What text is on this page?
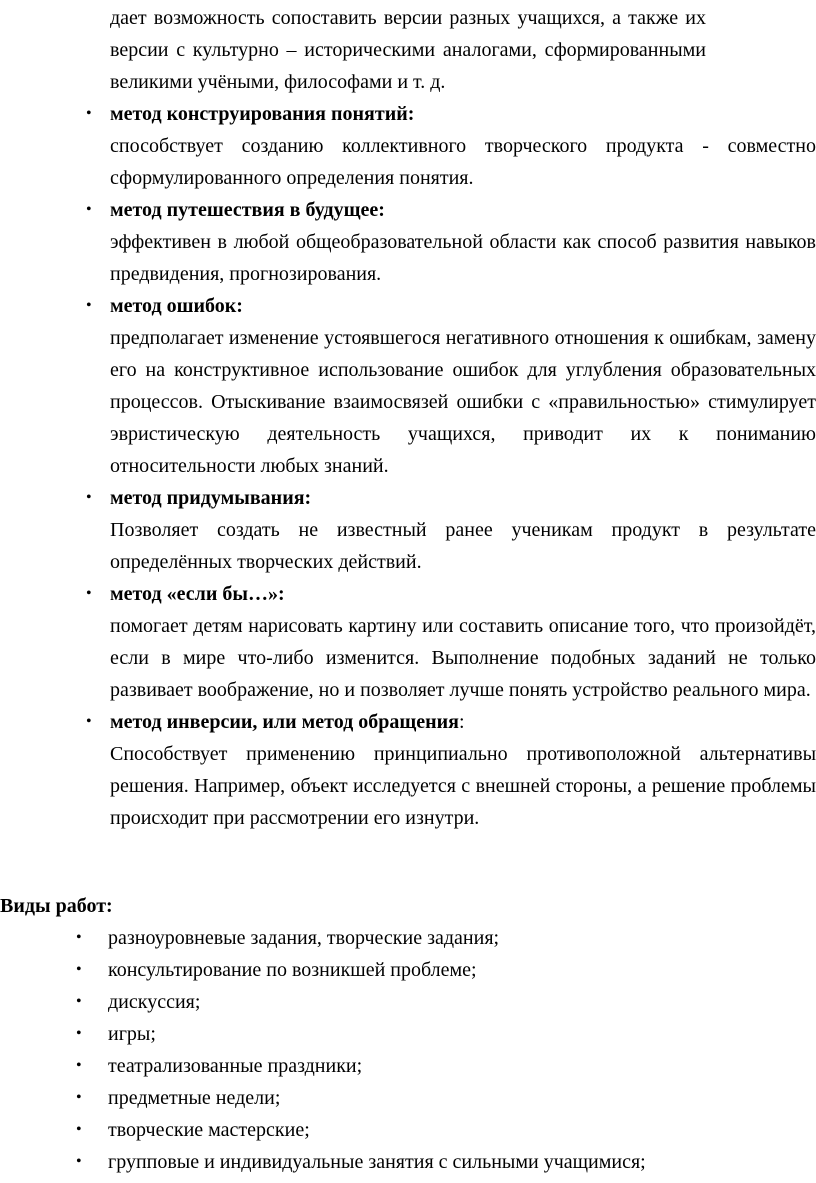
дает возможность сопоставить версии разных учащихся, а также их версии с культурно – историческими аналогами, сформированными великими учёными, философами и т. д.

• метод конструирования понятий:

способствует созданию коллективного творческого продукта - совместно сформулированного определения понятия.

• метод путешествия в будущее:

эффективен в любой общеобразовательной области как способ развития навыков предвидения, прогнозирования.

• метод ошибок:

предполагает изменение устоявшегося негативного отношения к ошибкам, замену его на конструктивное использование ошибок для углубления образовательных процессов. Отыскивание взаимосвязей ошибки с «правильностью» стимулирует эвристическую деятельность учащихся, приводит их к пониманию относительности любых знаний.

• метод придумывания:

Позволяет создать не известный ранее ученикам продукт в результате определённых творческих действий.

• метод «если бы…»:

помогает детям нарисовать картину или составить описание того, что произойдёт, если в мире что-либо изменится. Выполнение подобных заданий не только развивает воображение, но и позволяет лучше понять устройство реального мира.

• метод инверсии, или метод обращения:

Способствует применению принципиально противоположной альтернативы решения. Например, объект исследуется с внешней стороны, а решение проблемы происходит при рассмотрении его изнутри.

Виды работ:

• разноуровневые задания, творческие задания;
• консультирование по возникшей проблеме;
• дискуссия;
• игры;
• театрализованные праздники;
• предметные недели;
• творческие мастерские;
• групповые и индивидуальные занятия с сильными учащимися;
